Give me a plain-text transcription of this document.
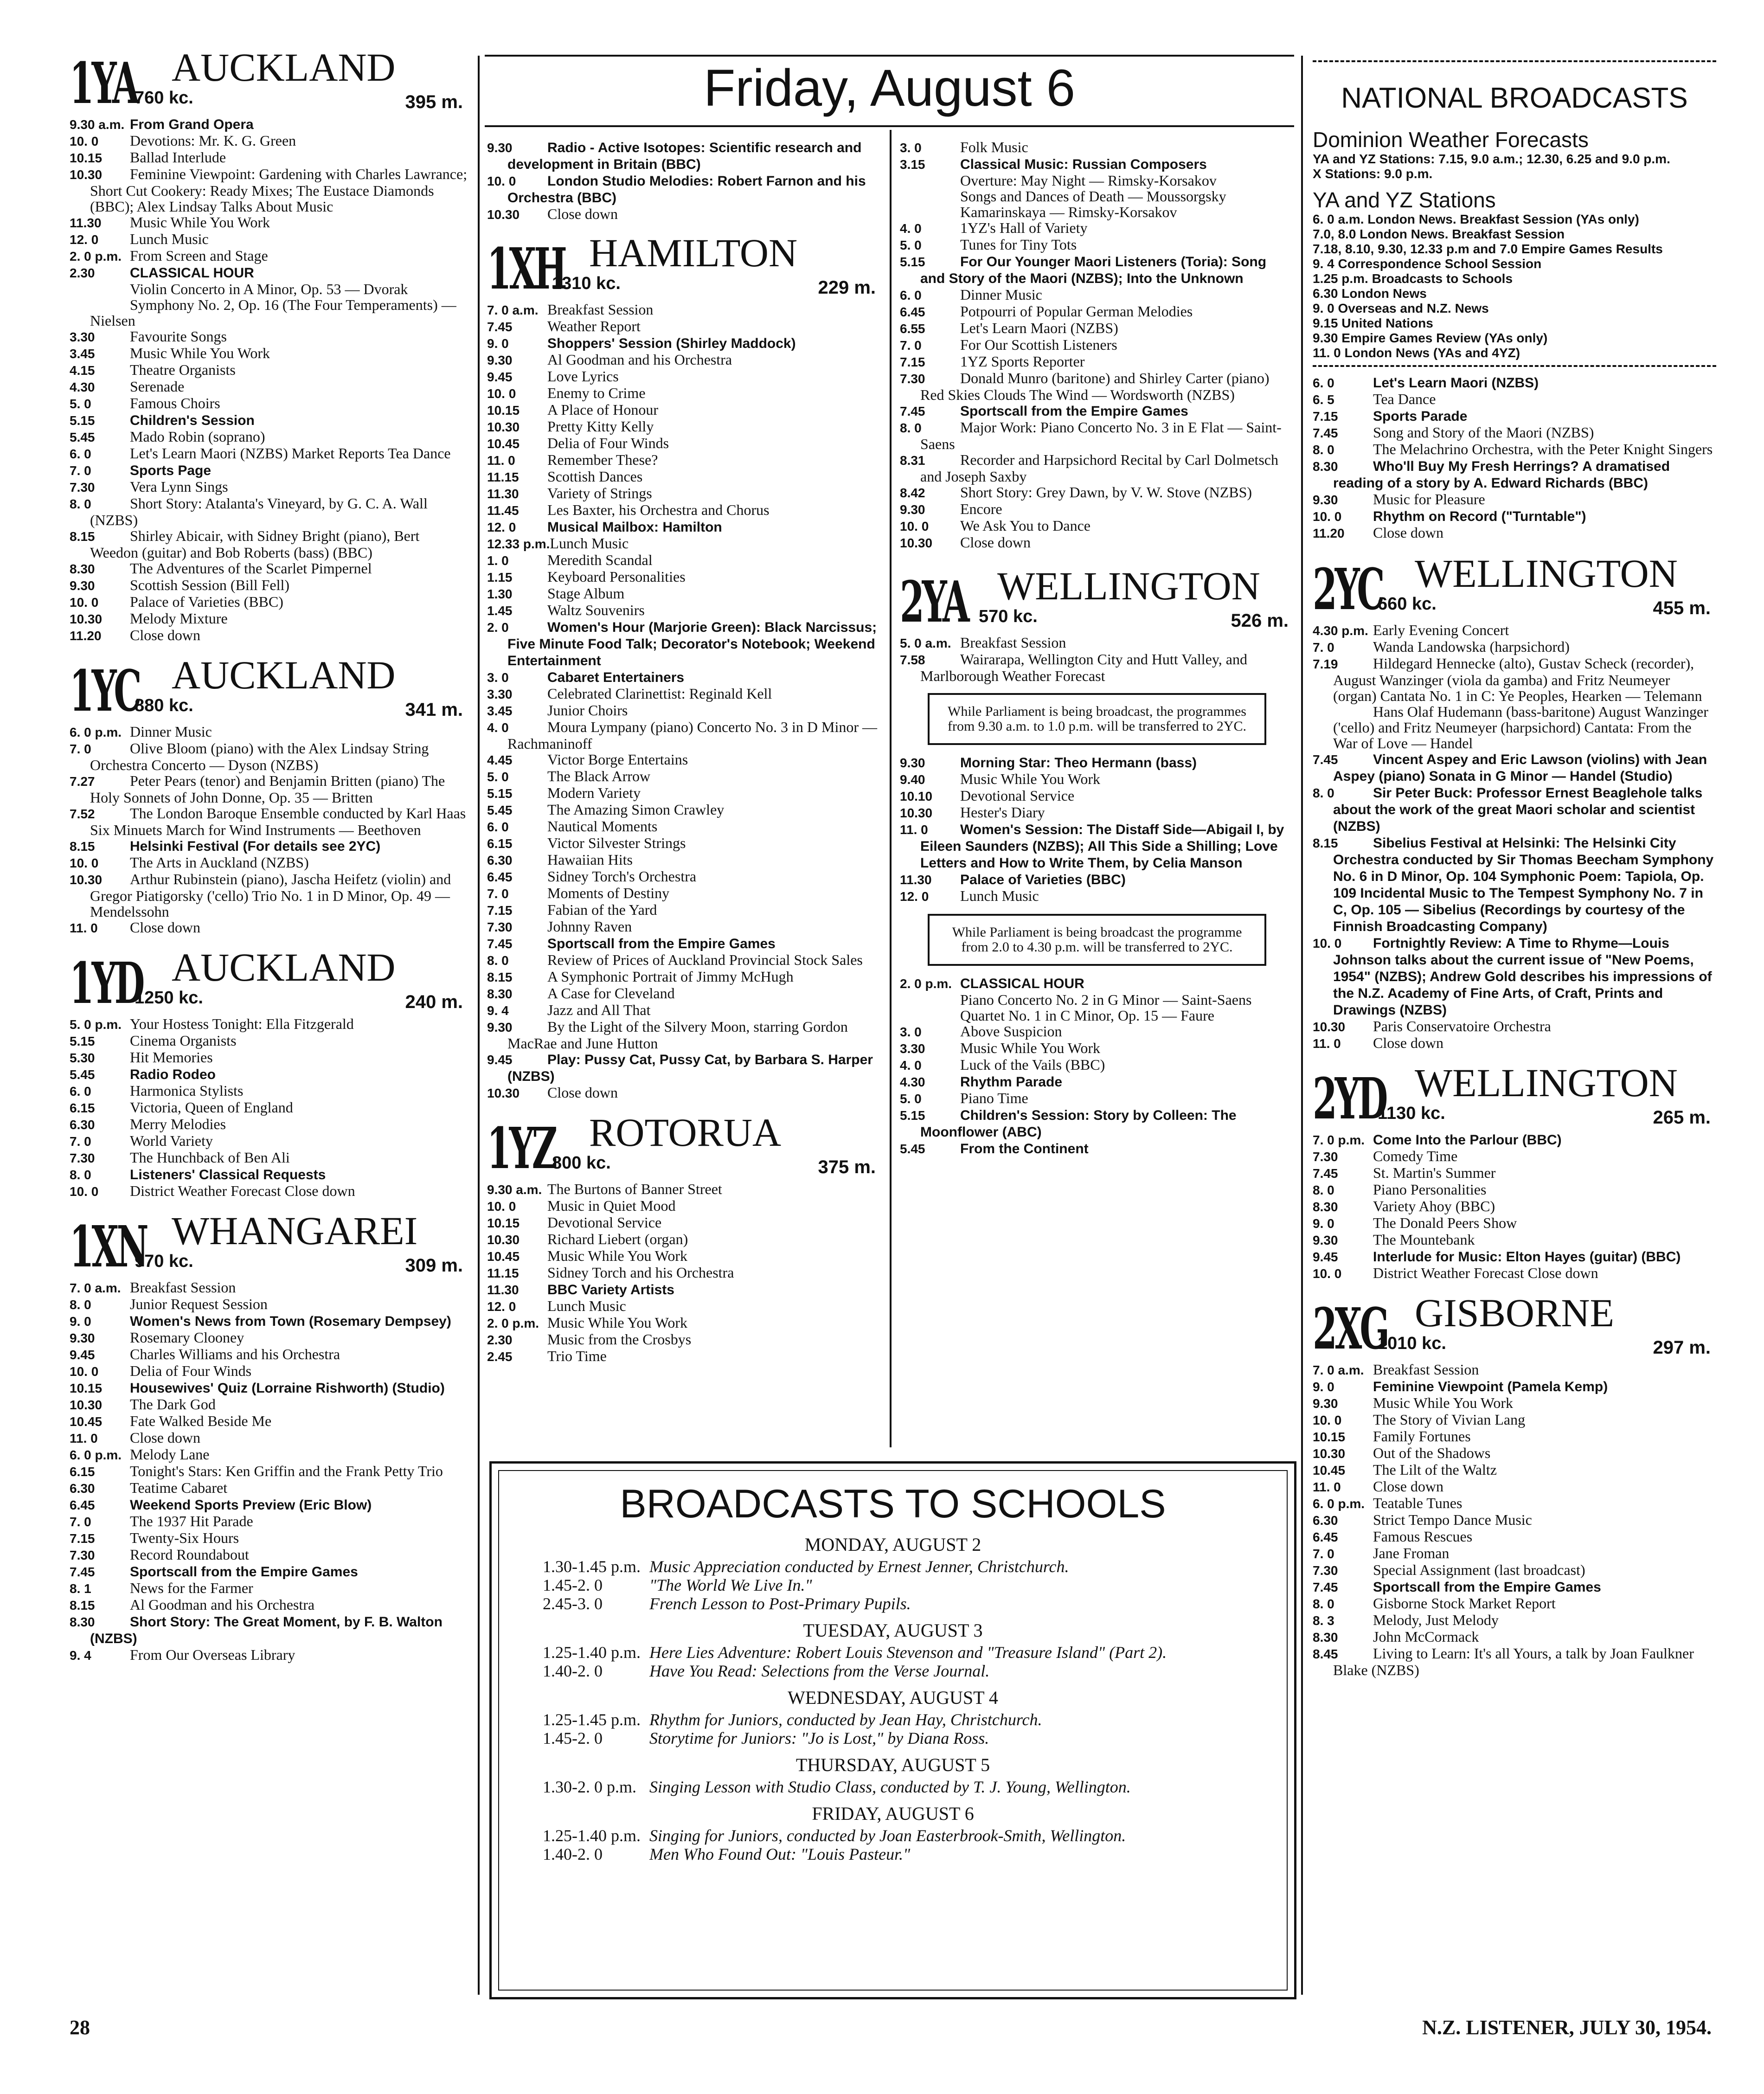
1YA AUCKLAND
760 kc.	395 m.
9.30 a.m. From Grand Opera
10. 0 Devotions: Mr. K. G. Green
10.15 Ballad Interlude
10.30 Feminine Viewpoint: Gardening with Charles Lawrance; Short Cut Cookery: Ready Mixes; The Eustace Diamonds (BBC); Alex Lindsay Talks About Music
11.30 Music While You Work
12. 0 Lunch Music
2. 0 p.m. From Screen and Stage
2.30	CLASSICAL HOUR
Violin Concerto in A Minor, Op. 53 — Dvorak
Symphony No. 2, Op. 16 (The Four Temperaments) — Nielsen
3.30 Favourite Songs
3.45 Music While You Work
4.15 Theatre Organists
4.30 Serenade
5. 0	Famous Choirs
5.15	Children's Session
5.45 Mado Robin (soprano)
6. 0	Let's Learn Maori (NZBS) Market Reports Tea Dance
7. 0	Sports Page
7.30 Vera Lynn Sings
8. 0	Short Story: Atalanta's Vineyard, by G. C. A. Wall (NZBS)
8.15 Shirley Abicair, with Sidney Bright (piano), Bert Weedon (guitar) and Bob Roberts (bass) (BBC)
8.30 The Adventures of the Scarlet Pimpernel
9.30 Scottish Session (Bill Fell)
10. 0 Palace of Varieties (BBC)
10.30 Melody Mixture
11.20 Close down
1YC AUCKLAND
880 kc.	341 m.
6. 0 p.m. Dinner Music
7. 0	Olive Bloom (piano) with the Alex Lindsay String Orchestra Concerto — Dyson (NZBS)
7.27 Peter Pears (tenor) and Benjamin Britten (piano) The Holy Sonnets of John Donne, Op. 35 — Britten
7.52 The London Baroque Ensemble conducted by Karl Haas Six Minuets March for Wind Instruments — Beethoven
8.15	Helsinki Festival (For details see 2YC)
10. 0 The Arts in Auckland (NZBS)
10.30 Arthur Rubinstein (piano), Jascha Heifetz (violin) and Gregor Piatigorsky ('cello) Trio No. 1 in D Minor, Op. 49 — Mendelssohn
11. 0 Close down
1YD AUCKLAND
1250 kc.	240 m.
5. 0 p.m. Your Hostess Tonight: Ella Fitzgerald
5.15 Cinema Organists
5.30 Hit Memories
5.45	Radio Rodeo
6. 0	Harmonica Stylists
6.15 Victoria, Queen of England
6.30 Merry Melodies
7. 0	World Variety
7.30 The Hunchback of Ben Ali
8. 0	Listeners' Classical Requests
10. 0 District Weather Forecast Close down
1XN WHANGAREI
970 kc.	309 m.
7. 0 a.m. Breakfast Session
8. 0	Junior Request Session
9. 0	Women's News from Town (Rosemary Dempsey)
9.30 Rosemary Clooney
9.45 Charles Williams and his Orchestra
10. 0 Delia of Four Winds
10.15 Housewives' Quiz (Lorraine Rishworth) (Studio)
10.30 The Dark God
10.45 Fate Walked Beside Me
11. 0 Close down
6. 0 p.m. Melody Lane
6.15 Tonight's Stars: Ken Griffin and the Frank Petty Trio
6.30 Teatime Cabaret
6.45	Weekend Sports Preview (Eric Blow)
7. 0	The 1937 Hit Parade
7.15 Twenty-Six Hours
7.30 Record Roundabout
7.45	Sportscall from the Empire Games
8. 1	News for the Farmer
8.15 Al Goodman and his Orchestra
8.30	Short Story: The Great Moment, by F. B. Walton (NZBS)
9. 4	From Our Overseas Library
Friday, August 6
9.30	Radio - Active Isotopes: Scientific research and development in Britain (BBC)
10. 0 London Studio Melodies: Robert Farnon and his Orchestra (BBC)
10.30 Close down
1XH HAMILTON
1310 kc.	229 m.
7. 0 a.m. Breakfast Session
7.45 Weather Report
9. 0	Shoppers' Session (Shirley Maddock)
9.30 Al Goodman and his Orchestra
9.45 Love Lyrics
10. 0 Enemy to Crime
10.15 A Place of Honour
10.30 Pretty Kitty Kelly
10.45 Delia of Four Winds
11. 0 Remember These?
11.15 Scottish Dances
11.30 Variety of Strings
11.45 Les Baxter, his Orchestra and Chorus
12. 0 Musical Mailbox: Hamilton
12.33 p.m.Lunch Music
1. 0	Meredith Scandal
1.15 Keyboard Personalities
1.30 Stage Album
1.45 Waltz Souvenirs
2. 0	Women's Hour (Marjorie Green): Black Narcissus; Five Minute Food Talk; Decorator's Notebook; Weekend Entertainment
3. 0	Cabaret Entertainers
3.30 Celebrated Clarinettist: Reginald Kell
3.45 Junior Choirs
4. 0	Moura Lympany (piano) Concerto No. 3 in D Minor — Rachmaninoff
4.45 Victor Borge Entertains
5. 0	The Black Arrow
5.15 Modern Variety
5.45 The Amazing Simon Crawley
6. 0	Nautical Moments
6.15 Victor Silvester Strings
6.30 Hawaiian Hits
6.45 Sidney Torch's Orchestra
7. 0	Moments of Destiny
7.15 Fabian of the Yard
7.30 Johnny Raven
7.45	Sportscall from the Empire Games
8. 0	Review of Prices of Auckland Provincial Stock Sales
8.15 A Symphonic Portrait of Jimmy McHugh
8.30 A Case for Cleveland
9. 4	Jazz and All That
9.30 By the Light of the Silvery Moon, starring Gordon MacRae and June Hutton
9.45	Play: Pussy Cat, Pussy Cat, by Barbara S. Harper (NZBS)
10.30 Close down
1YZ ROTORUA
800 kc.	375 m.
9.30 a.m. The Burtons of Banner Street
10. 0 Music in Quiet Mood
10.15 Devotional Service
10.30 Richard Liebert (organ)
10.45 Music While You Work
11.15 Sidney Torch and his Orchestra
11.30 BBC Variety Artists
12. 0 Lunch Music
2. 0 p.m. Music While You Work
2.30 Music from the Crosbys
2.45 Trio Time
3. 0	Folk Music
3.15	Classical Music: Russian Composers
Overture: May Night — Rimsky-Korsakov
Songs and Dances of Death — Moussorgsky
Kamarinskaya — Rimsky-Korsakov
4. 0	1YZ's Hall of Variety
5. 0	Tunes for Tiny Tots
5.15	For Our Younger Maori Listeners (Toria): Song and Story of the Maori (NZBS); Into the Unknown
6. 0	Dinner Music
6.45 Potpourri of Popular German Melodies
6.55 Let's Learn Maori (NZBS)
7. 0	For Our Scottish Listeners
7.15 1YZ Sports Reporter
7.30 Donald Munro (baritone) and Shirley Carter (piano) Red Skies Clouds The Wind — Wordsworth (NZBS)
7.45	Sportscall from the Empire Games
8. 0	Major Work: Piano Concerto No. 3 in E Flat — Saint-Saens
8.31 Recorder and Harpsichord Recital by Carl Dolmetsch and Joseph Saxby
8.42 Short Story: Grey Dawn, by V. W. Stove (NZBS)
9.30 Encore
10. 0 We Ask You to Dance
10.30 Close down
2YA WELLINGTON
570 kc.	526 m.
5. 0 a.m. Breakfast Session
7.58 Wairarapa, Wellington City and Hutt Valley, and Marlborough Weather Forecast
While Parliament is being broadcast, the programmes from 9.30 a.m. to 1.0 p.m. will be transferred to 2YC.
9.30	Morning Star: Theo Hermann (bass)
9.40 Music While You Work
10.10 Devotional Service
10.30 Hester's Diary
11. 0 Women's Session: The Distaff Side—Abigail I, by Eileen Saunders (NZBS); All This Side a Shilling; Love Letters and How to Write Them, by Celia Manson
11.30 Palace of Varieties (BBC)
12. 0 Lunch Music
While Parliament is being broadcast the programme from 2.0 to 4.30 p.m. will be transferred to 2YC.
2. 0 p.m. CLASSICAL HOUR
Piano Concerto No. 2 in G Minor — Saint-Saens
Quartet No. 1 in C Minor, Op. 15 — Faure
3. 0	Above Suspicion
3.30 Music While You Work
4. 0	Luck of the Vails (BBC)
4.30	Rhythm Parade
5. 0	Piano Time
5.15	Children's Session: Story by Colleen: The Moonflower (ABC)
5.45	From the Continent
BROADCASTS TO SCHOOLS
MONDAY, AUGUST 2
1.30-1.45 p.m. Music Appreciation conducted by Ernest Jenner, Christchurch.
1.45-2. 0	"The World We Live In."
2.45-3. 0	French Lesson to Post-Primary Pupils.
TUESDAY, AUGUST 3
1.25-1.40 p.m. Here Lies Adventure: Robert Louis Stevenson and "Treasure Island" (Part 2).
1.40-2. 0	Have You Read: Selections from the Verse Journal.
WEDNESDAY, AUGUST 4
1.25-1.45 p.m. Rhythm for Juniors, conducted by Jean Hay, Christchurch.
1.45-2. 0	Storytime for Juniors: "Jo is Lost," by Diana Ross.
THURSDAY, AUGUST 5
1.30-2. 0 p.m. Singing Lesson with Studio Class, conducted by T. J. Young, Wellington.
FRIDAY, AUGUST 6
1.25-1.40 p.m. Singing for Juniors, conducted by Joan Easterbrook-Smith, Wellington.
1.40-2. 0	Men Who Found Out: "Louis Pasteur."
NATIONAL BROADCASTS
Dominion Weather Forecasts
YA and YZ Stations: 7.15, 9.0 a.m.; 12.30, 6.25 and 9.0 p.m.
X Stations: 9.0 p.m.
YA and YZ Stations
6. 0 a.m. London News. Breakfast Session (YAs only)
7.0, 8.0 London News. Breakfast Session
7.18, 8.10, 9.30, 12.33 p.m and 7.0 Empire Games Results
9. 4 Correspondence School Session
1.25 p.m. Broadcasts to Schools
6.30 London News
9. 0 Overseas and N.Z. News
9.15 United Nations
9.30 Empire Games Review (YAs only)
11. 0 London News (YAs and 4YZ)
6. 0	Let's Learn Maori (NZBS)
6. 5	Tea Dance
7.15	Sports Parade
7.45 Song and Story of the Maori (NZBS)
8. 0	The Melachrino Orchestra, with the Peter Knight Singers
8.30	Who'll Buy My Fresh Herrings? A dramatised reading of a story by A. Edward Richards (BBC)
9.30 Music for Pleasure
10. 0 Rhythm on Record ("Turntable")
11.20 Close down
2YC WELLINGTON
660 kc.	455 m.
4.30 p.m. Early Evening Concert
7. 0	Wanda Landowska (harpsichord)
7.19 Hildegard Hennecke (alto), Gustav Scheck (recorder), August Wanzinger (viola da gamba) and Fritz Neumeyer (organ) Cantata No. 1 in C: Ye Peoples, Hearken — Telemann
Hans Olaf Hudemann (bass-baritone) August Wanzinger ('cello) and Fritz Neumeyer (harpsichord) Cantata: From the War of Love — Handel
7.45	Vincent Aspey and Eric Lawson (violins) with Jean Aspey (piano) Sonata in G Minor — Handel (Studio)
8. 0	Sir Peter Buck: Professor Ernest Beaglehole talks about the work of the great Maori scholar and scientist (NZBS)
8.15	Sibelius Festival at Helsinki: The Helsinki City Orchestra conducted by Sir Thomas Beecham Symphony No. 6 in D Minor, Op. 104 Symphonic Poem: Tapiola, Op. 109 Incidental Music to The Tempest Symphony No. 7 in C, Op. 105 — Sibelius (Recordings by courtesy of the Finnish Broadcasting Company)
10. 0 Fortnightly Review: A Time to Rhyme—Louis Johnson talks about the current issue of "New Poems, 1954" (NZBS); Andrew Gold describes his impressions of the N.Z. Academy of Fine Arts, of Craft, Prints and Drawings (NZBS)
10.30 Paris Conservatoire Orchestra
11. 0 Close down
2YD WELLINGTON
1130 kc.	265 m.
7. 0 p.m. Come Into the Parlour (BBC)
7.30 Comedy Time
7.45 St. Martin's Summer
8. 0	Piano Personalities
8.30 Variety Ahoy (BBC)
9. 0	The Donald Peers Show
9.30 The Mountebank
9.45	Interlude for Music: Elton Hayes (guitar) (BBC)
10. 0 District Weather Forecast Close down
2XG GISBORNE
1010 kc.	297 m.
7. 0 a.m. Breakfast Session
9. 0	Feminine Viewpoint (Pamela Kemp)
9.30 Music While You Work
10. 0 The Story of Vivian Lang
10.15 Family Fortunes
10.30 Out of the Shadows
10.45 The Lilt of the Waltz
11. 0 Close down
6. 0 p.m. Teatable Tunes
6.30 Strict Tempo Dance Music
6.45 Famous Rescues
7. 0	Jane Froman
7.30 Special Assignment (last broadcast)
7.45	Sportscall from the Empire Games
8. 0	Gisborne Stock Market Report
8. 3	Melody, Just Melody
8.30 John McCormack
8.45 Living to Learn: It's all Yours, a talk by Joan Faulkner Blake (NZBS)
28	N.Z. LISTENER, JULY 30, 1954.
